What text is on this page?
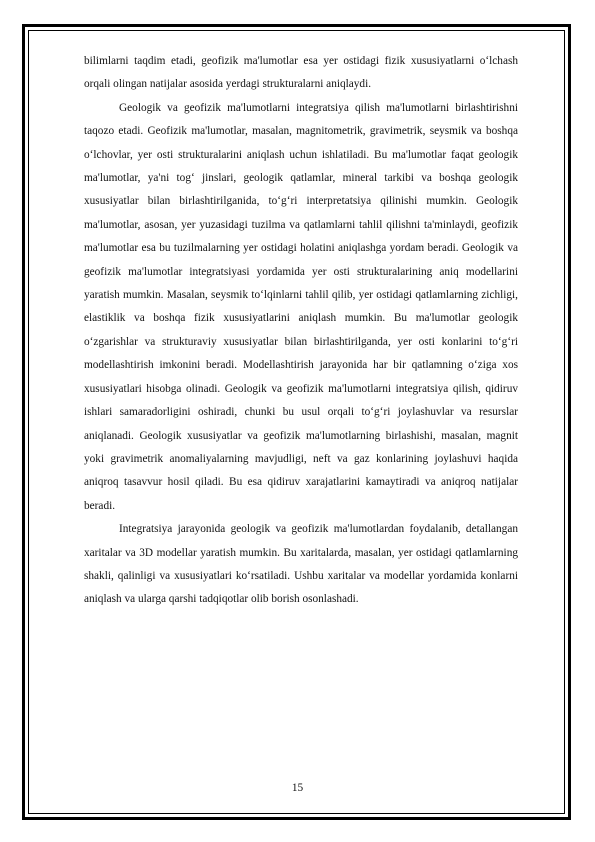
bilimlarni taqdim etadi, geofizik ma'lumotlar esa yer ostidagi fizik xususiyatlarni o‘lchash orqali olingan natijalar asosida yerdagi strukturalarni aniqlaydi.

Geologik va geofizik ma'lumotlarni integratsiya qilish ma'lumotlarni birlashtirishni taqozo etadi. Geofizik ma'lumotlar, masalan, magnitometrik, gravimetrik, seysmik va boshqa o‘lchovlar, yer osti strukturalarini aniqlash uchun ishlatiladi. Bu ma'lumotlar faqat geologik ma'lumotlar, ya'ni tog‘ jinslari, geologik qatlamlar, mineral tarkibi va boshqa geologik xususiyatlar bilan birlashtirilganida, to‘g‘ri interpretatsiya qilinishi mumkin. Geologik ma'lumotlar, asosan, yer yuzasidagi tuzilma va qatlamlarni tahlil qilishni ta'minlaydi, geofizik ma'lumotlar esa bu tuzilmalarning yer ostidagi holatini aniqlashga yordam beradi. Geologik va geofizik ma'lumotlar integratsiyasi yordamida yer osti strukturalarining aniq modellarini yaratish mumkin. Masalan, seysmik to‘lqinlarni tahlil qilib, yer ostidagi qatlamlarning zichligi, elastiklik va boshqa fizik xususiyatlarini aniqlash mumkin. Bu ma'lumotlar geologik o‘zgarishlar va strukturaviy xususiyatlar bilan birlashtirilganda, yer osti konlarini to‘g‘ri modellashtirish imkonini beradi. Modellashtirish jarayonida har bir qatlamning o‘ziga xos xususiyatlari hisobga olinadi. Geologik va geofizik ma'lumotlarni integratsiya qilish, qidiruv ishlari samaradorligini oshiradi, chunki bu usul orqali to‘g‘ri joylashuvlar va resurslar aniqlanadi. Geologik xususiyatlar va geofizik ma'lumotlarning birlashishi, masalan, magnit yoki gravimetrik anomaliyalarning mavjudligi, neft va gaz konlarining joylashuvi haqida aniqroq tasavvur hosil qiladi. Bu esa qidiruv xarajatlarini kamaytiradi va aniqroq natijalar beradi.

Integratsiya jarayonida geologik va geofizik ma'lumotlardan foydalanib, detallangan xaritalar va 3D modellar yaratish mumkin. Bu xaritalarda, masalan, yer ostidagi qatlamlarning shakli, qalinligi va xususiyatlari ko‘rsatiladi. Ushbu xaritalar va modellar yordamida konlarni aniqlash va ularga qarshi tadqiqotlar olib borish osonlashadi.

15
